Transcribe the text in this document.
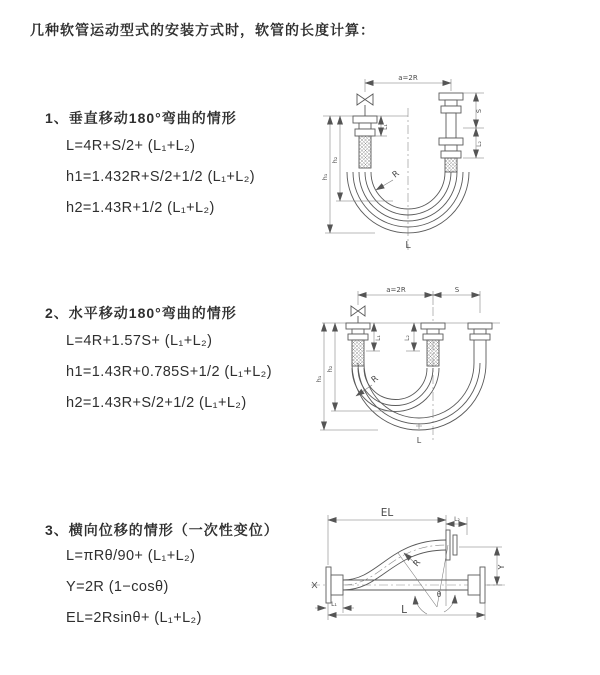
几种软管运动型式的安装方式时，软管的长度计算：
1、垂直移动180°弯曲的情形
L=4R+S/2+ (L₁+L₂)
h1=1.432R+S/2+1/2 (L₁+L₂)
h2=1.43R+1/2 (L₁+L₂)
a=2R
R
L
h₁
h₂
L₁
S
L₂
2、水平移动180°弯曲的情形
L=4R+1.57S+ (L₁+L₂)
h1=1.43R+0.785S+1/2 (L₁+L₂)
h2=1.43R+S/2+1/2 (L₁+L₂)
a=2R	S
R
L
h₁
h₂
L₁	L₂
3、横向位移的情形（一次性变位）
L=πRθ/90+ (L₁+L₂)
Y=2R (1−cosθ)
EL=2Rsinθ+ (L₁+L₂)
EL
L₂
R
θ
Y
L₁	L
